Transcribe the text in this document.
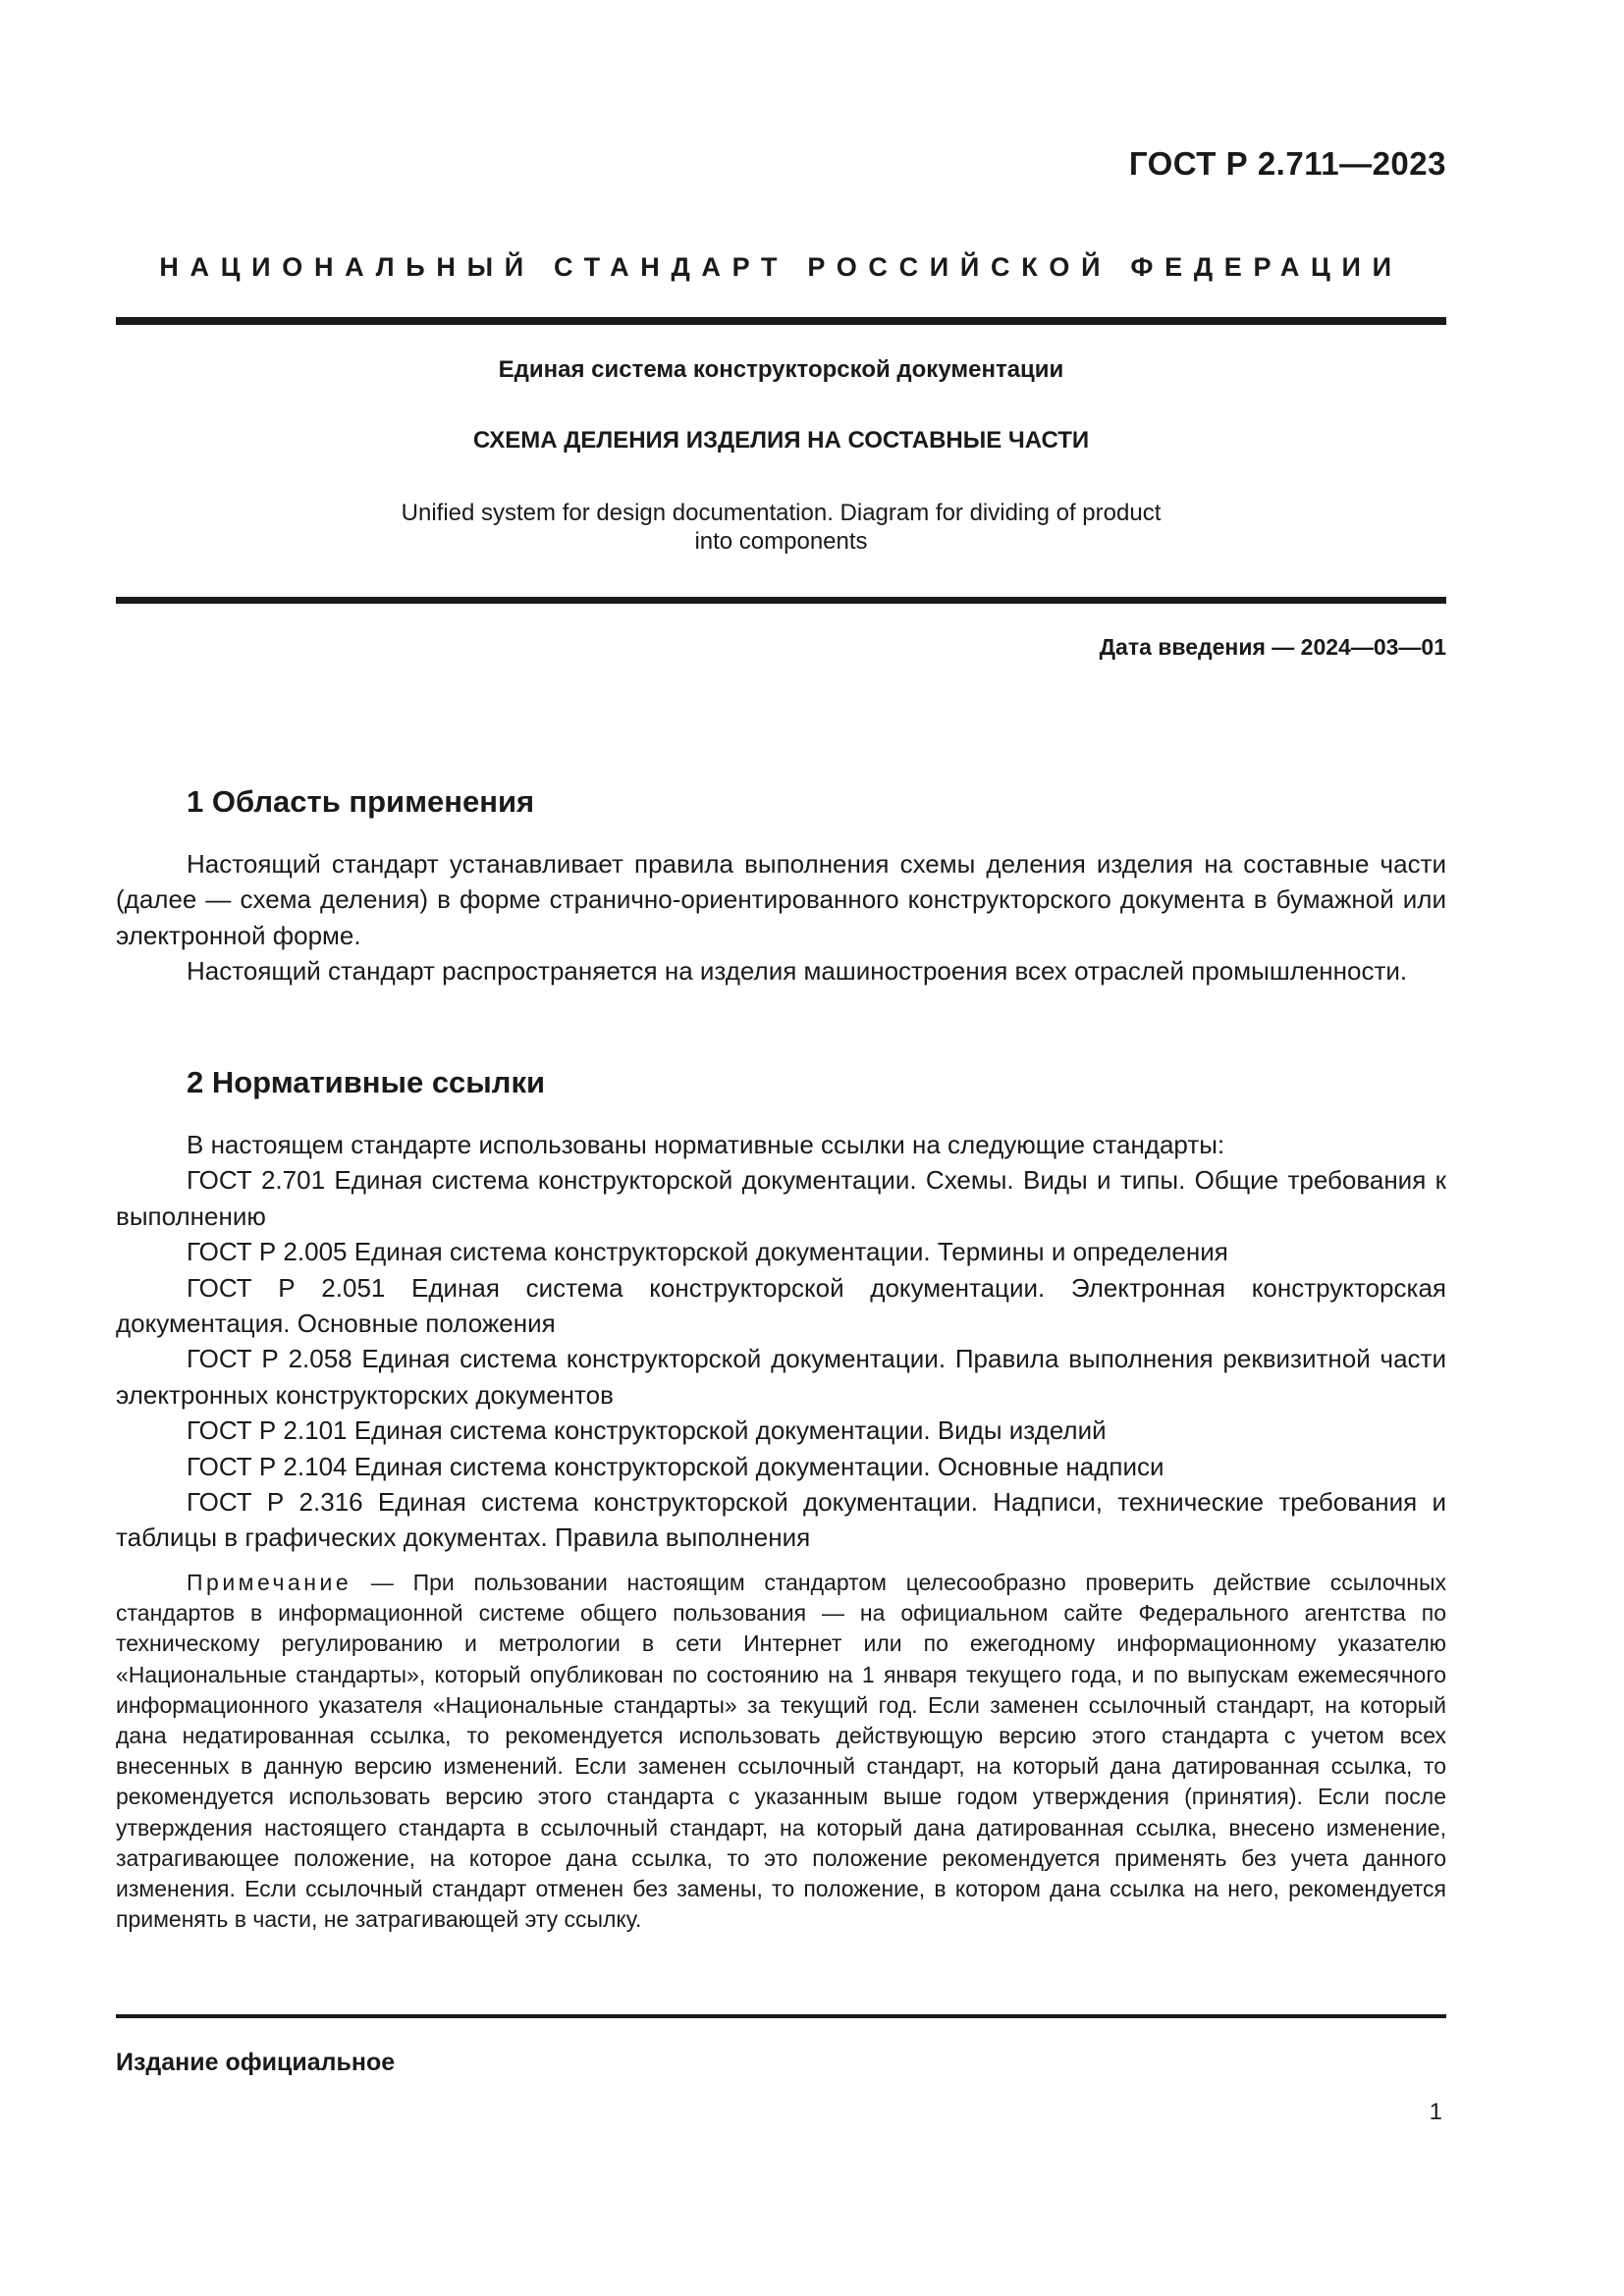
ГОСТ Р 2.711—2023
НАЦИОНАЛЬНЫЙ СТАНДАРТ РОССИЙСКОЙ ФЕДЕРАЦИИ
Единая система конструкторской документации
СХЕМА ДЕЛЕНИЯ ИЗДЕЛИЯ НА СОСТАВНЫЕ ЧАСТИ
Unified system for design documentation. Diagram for dividing of product
into components
Дата введения — 2024—03—01
1 Область применения

Настоящий стандарт устанавливает правила выполнения схемы деления изделия на составные части (далее — схема деления) в форме странично-ориентированного конструкторского документа в бумажной или электронной форме.

Настоящий стандарт распространяется на изделия машиностроения всех отраслей промышленности.

2 Нормативные ссылки

В настоящем стандарте использованы нормативные ссылки на следующие стандарты:

ГОСТ 2.701 Единая система конструкторской документации. Схемы. Виды и типы. Общие требования к выполнению

ГОСТ Р 2.005 Единая система конструкторской документации. Термины и определения

ГОСТ Р 2.051 Единая система конструкторской документации. Электронная конструкторская документация. Основные положения

ГОСТ Р 2.058 Единая система конструкторской документации. Правила выполнения реквизитной части электронных конструкторских документов

ГОСТ Р 2.101 Единая система конструкторской документации. Виды изделий

ГОСТ Р 2.104 Единая система конструкторской документации. Основные надписи

ГОСТ Р 2.316 Единая система конструкторской документации. Надписи, технические требования и таблицы в графических документах. Правила выполнения

Примечание — При пользовании настоящим стандартом целесообразно проверить действие ссылочных стандартов в информационной системе общего пользования — на официальном сайте Федерального агентства по техническому регулированию и метрологии в сети Интернет или по ежегодному информационному указателю «Национальные стандарты», который опубликован по состоянию на 1 января текущего года, и по выпускам ежемесячного информационного указателя «Национальные стандарты» за текущий год. Если заменен ссылочный стандарт, на который дана недатированная ссылка, то рекомендуется использовать действующую версию этого стандарта с учетом всех внесенных в данную версию изменений. Если заменен ссылочный стандарт, на который дана датированная ссылка, то рекомендуется использовать версию этого стандарта с указанным выше годом утверждения (принятия). Если после утверждения настоящего стандарта в ссылочный стандарт, на который дана датированная ссылка, внесено изменение, затрагивающее положение, на которое дана ссылка, то это положение рекомендуется применять без учета данного изменения. Если ссылочный стандарт отменен без замены, то положение, в котором дана ссылка на него, рекомендуется применять в части, не затрагивающей эту ссылку.

Издание официальное
1
